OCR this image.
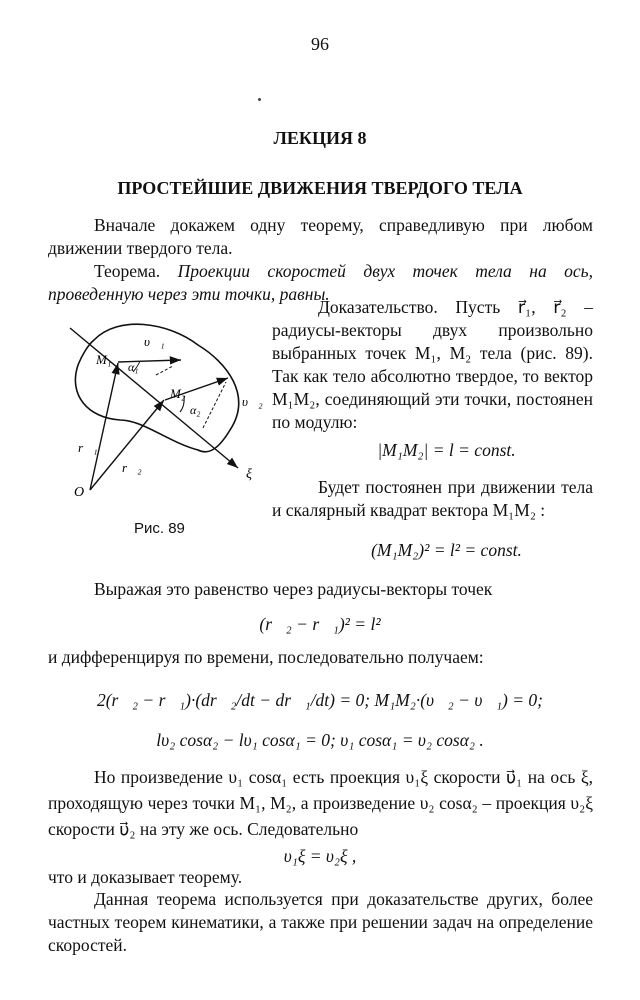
96
ЛЕКЦИЯ 8
ПРОСТЕЙШИЕ ДВИЖЕНИЯ ТВЕРДОГО ТЕЛА
Вначале докажем одну теорему, справедливую при любом движении твердого тела.
Теорема. Проекции скоростей двух точек тела на ось, проведенную через эти точки, равны.
υ⃗₁
M₁ α₁
M₂
α₂
υ⃗₂
r⃗₁
r⃗₂
O
ξ
Рис. 89
Доказательство. Пусть r⃗₁, r⃗₂ – радиусы-векторы двух произвольно выбранных точек M₁, M₂ тела (рис. 89). Так как тело абсолютно твердое, то вектор M₁M₂, соединяющий эти точки, постоянен по модулю:
|M₁M₂| = l = const.
Будет постоянен при движении тела и скалярный квадрат вектора M₁M₂ :
(M₁M₂)² = l² = const.
Выражая это равенство через радиусы-векторы точек
(r⃗₂ − r⃗₁)² = l²
и дифференцируя по времени, последовательно получаем:
2(r⃗₂ − r⃗₁)·(dr⃗₂/dt − dr⃗₁/dt) = 0; M₁M₂·(υ⃗₂ − υ⃗₁) = 0;
lυ₂ cosα₂ − lυ₁ cosα₁ = 0; υ₁ cosα₁ = υ₂ cosα₂ .
Но произведение υ₁ cosα₁ есть проекция υ₁ξ скорости υ⃗₁ на ось ξ, проходящую через точки M₁, M₂, а произведение υ₂ cosα₂ – проекция υ₂ξ скорости υ⃗₂ на эту же ось. Следовательно
υ₁ξ = υ₂ξ ,
что и доказывает теорему.
Данная теорема используется при доказательстве других, более частных теорем кинематики, а также при решении задач на определение скоростей.
